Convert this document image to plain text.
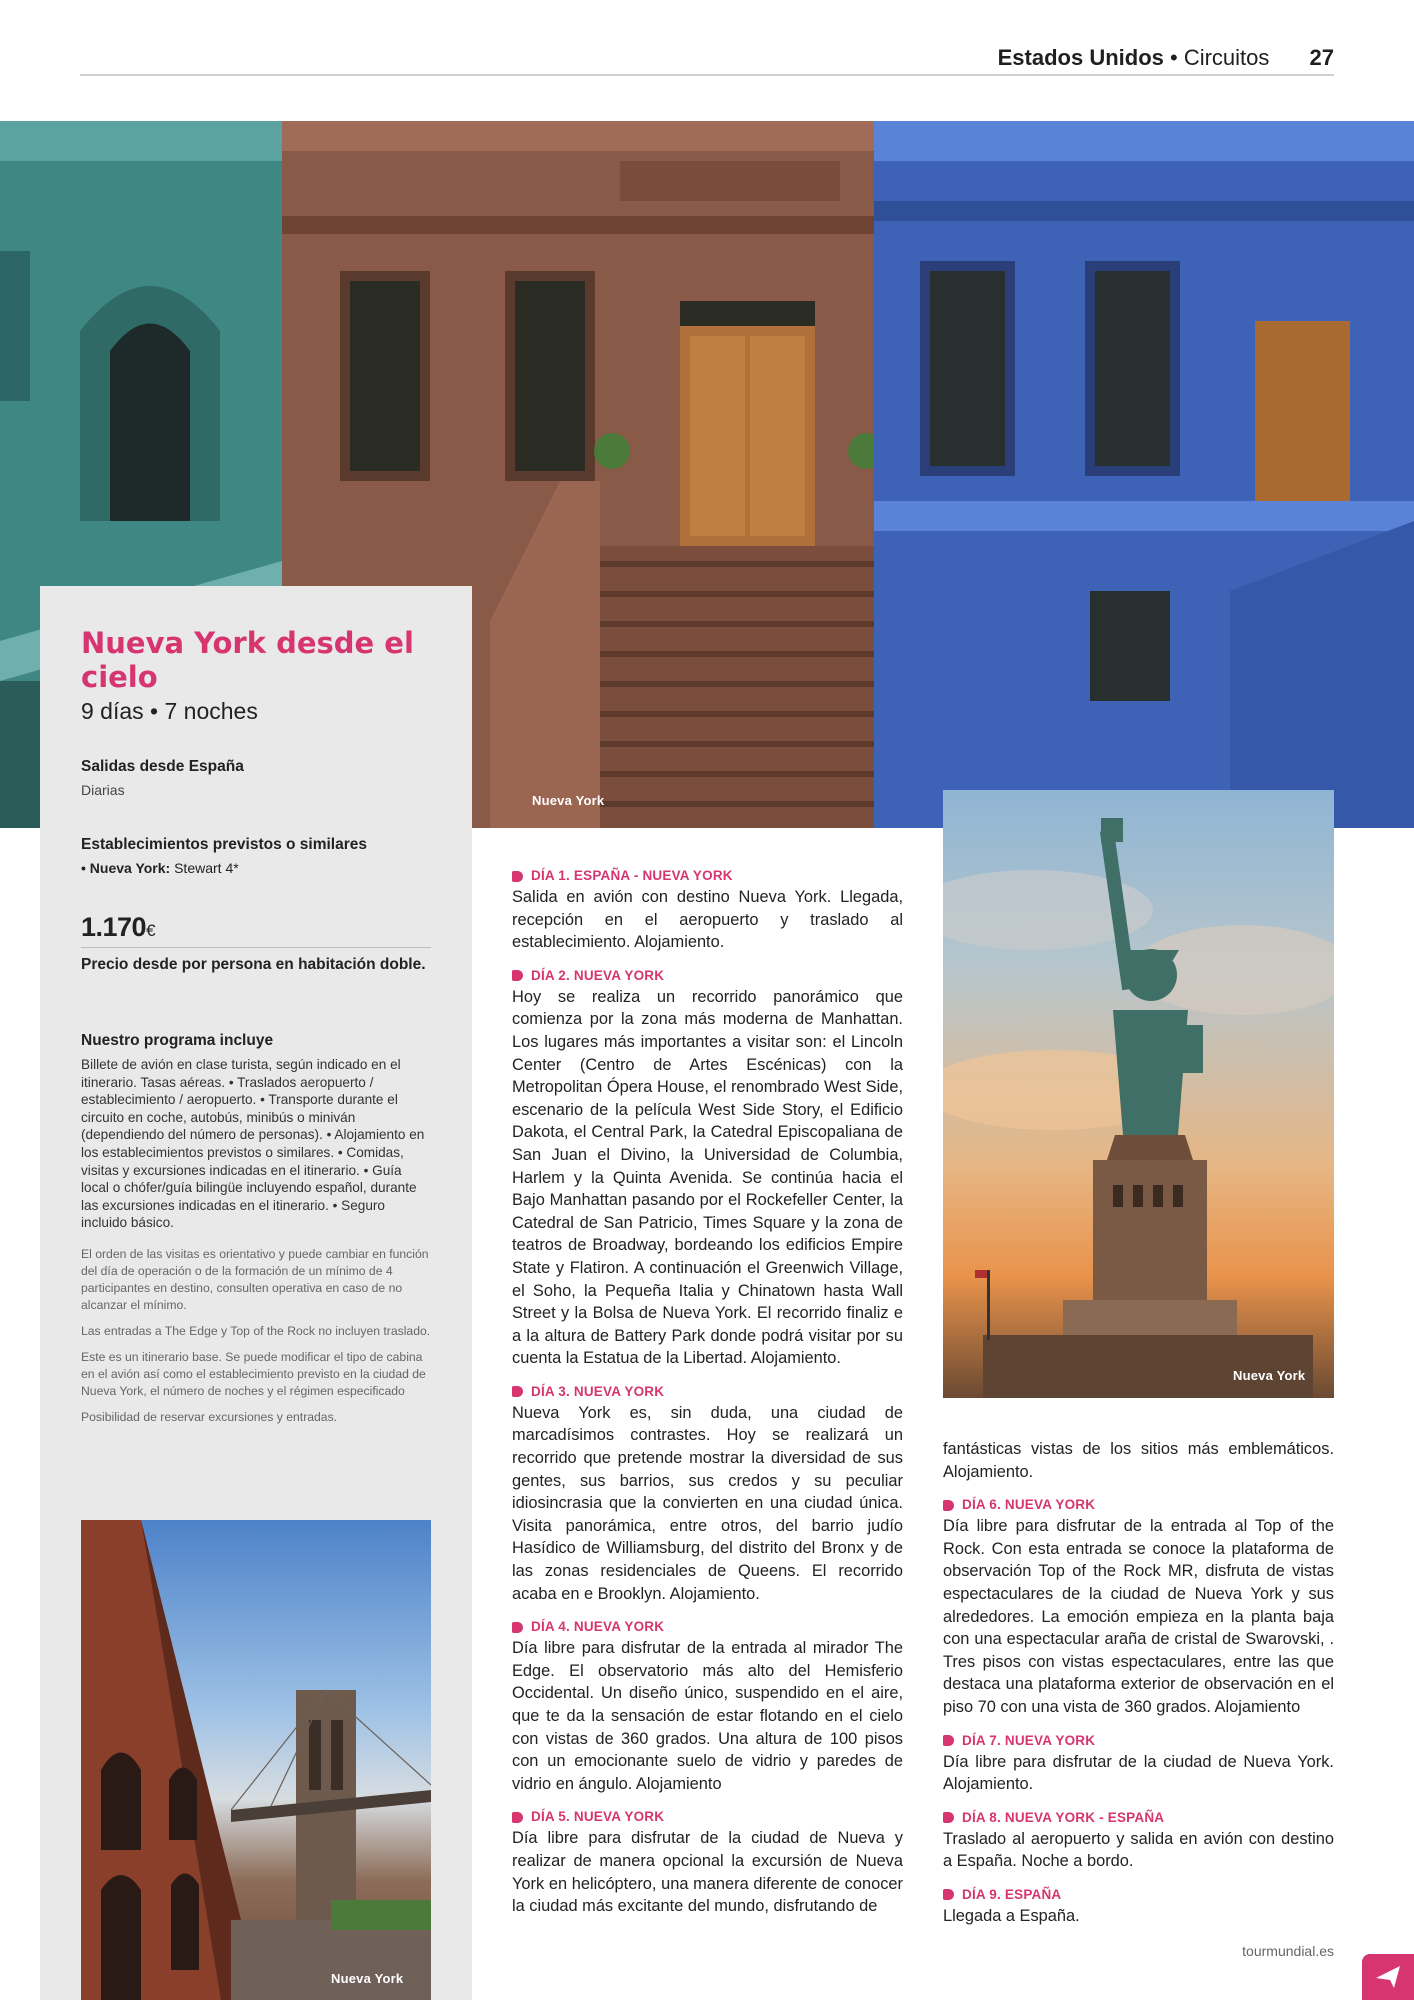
Estados Unidos • Circuitos 27
Nueva York
Nueva York desde el cielo
9 días • 7 noches
Salidas desde España
Diarias
Establecimientos previstos o similares
• Nueva York: Stewart 4*
1.170€
Precio desde por persona en habitación doble.
Nuestro programa incluye
Billete de avión en clase turista, según indicado en el itinerario. Tasas aéreas. • Traslados aeropuerto / establecimiento / aeropuerto. • Transporte durante el circuito en coche, autobús, minibús o miniván (dependiendo del número de personas). • Alojamiento en los establecimientos previstos o similares. • Comidas, visitas y excursiones indicadas en el itinerario. • Guía local o chófer/guía bilingüe incluyendo español, durante las excursiones indicadas en el itinerario. • Seguro incluido básico.
El orden de las visitas es orientativo y puede cambiar en función del día de operación o de la formación de un mínimo de 4 participantes en destino, consulten operativa en caso de no alcanzar el mínimo.
Las entradas a The Edge y Top of the Rock no incluyen traslado.
Este es un itinerario base. Se puede modificar el tipo de cabina en el avión así como el establecimiento previsto en la ciudad de Nueva York, el número de noches y el régimen especificado
Posibilidad de reservar excursiones y entradas.
Nueva York
Nueva York
DÍA 1. ESPAÑA - NUEVA YORK
Salida en avión con destino Nueva York. Llegada, recepción en el aeropuerto y traslado al establecimiento. Alojamiento.
DÍA 2. NUEVA YORK
Hoy se realiza un recorrido panorámico que comienza por la zona más moderna de Manhattan. Los lugares más importantes a visitar son: el Lincoln Center (Centro de Artes Escénicas) con la Metropolitan Ópera House, el renombrado West Side, escenario de la película West Side Story, el Edificio Dakota, el Central Park, la Catedral Episcopaliana de San Juan el Divino, la Universidad de Columbia, Harlem y la Quinta Avenida. Se continúa hacia el Bajo Manhattan pasando por el Rockefeller Center, la Catedral de San Patricio, Times Square y la zona de teatros de Broadway, bordeando los edificios Empire State y Flatiron. A continuación el Greenwich Village, el Soho, la Pequeña Italia y Chinatown hasta Wall Street y la Bolsa de Nueva York. El recorrido finaliz e a la altura de Battery Park donde podrá visitar por su cuenta la Estatua de la Libertad. Alojamiento.
DÍA 3. NUEVA YORK
Nueva York es, sin duda, una ciudad de marcadísimos contrastes. Hoy se realizará un recorrido que pretende mostrar la diversidad de sus gentes, sus barrios, sus credos y su peculiar idiosincrasia que la convierten en una ciudad única. Visita panorámica, entre otros, del barrio judío Hasídico de Williamsburg, del distrito del Bronx y de las zonas residenciales de Queens. El recorrido acaba en e Brooklyn. Alojamiento.
DÍA 4. NUEVA YORK
Día libre para disfrutar de la entrada al mirador The Edge. El observatorio más alto del Hemisferio Occidental. Un diseño único, suspendido en el aire, que te da la sensación de estar flotando en el cielo con vistas de 360 grados. Una altura de 100 pisos con un emocionante suelo de vidrio y paredes de vidrio en ángulo. Alojamiento
DÍA 5. NUEVA YORK
Día libre para disfrutar de la ciudad de Nueva y realizar de manera opcional la excursión de Nueva York en helicóptero, una manera diferente de conocer la ciudad más excitante del mundo, disfrutando de
fantásticas vistas de los sitios más emblemáticos. Alojamiento.
DÍA 6. NUEVA YORK
Día libre para disfrutar de la entrada al Top of the Rock. Con esta entrada se conoce la plataforma de observación Top of the Rock MR, disfruta de vistas espectaculares de la ciudad de Nueva York y sus alrededores. La emoción empieza en la planta baja con una espectacular araña de cristal de Swarovski, . Tres pisos con vistas espectaculares, entre las que destaca una plataforma exterior de observación en el piso 70 con una vista de 360 grados. Alojamiento
DÍA 7. NUEVA YORK
Día libre para disfrutar de la ciudad de Nueva York. Alojamiento.
DÍA 8. NUEVA YORK - ESPAÑA
Traslado al aeropuerto y salida en avión con destino a España. Noche a bordo.
DÍA 9. ESPAÑA
Llegada a España.
tourmundial.es
